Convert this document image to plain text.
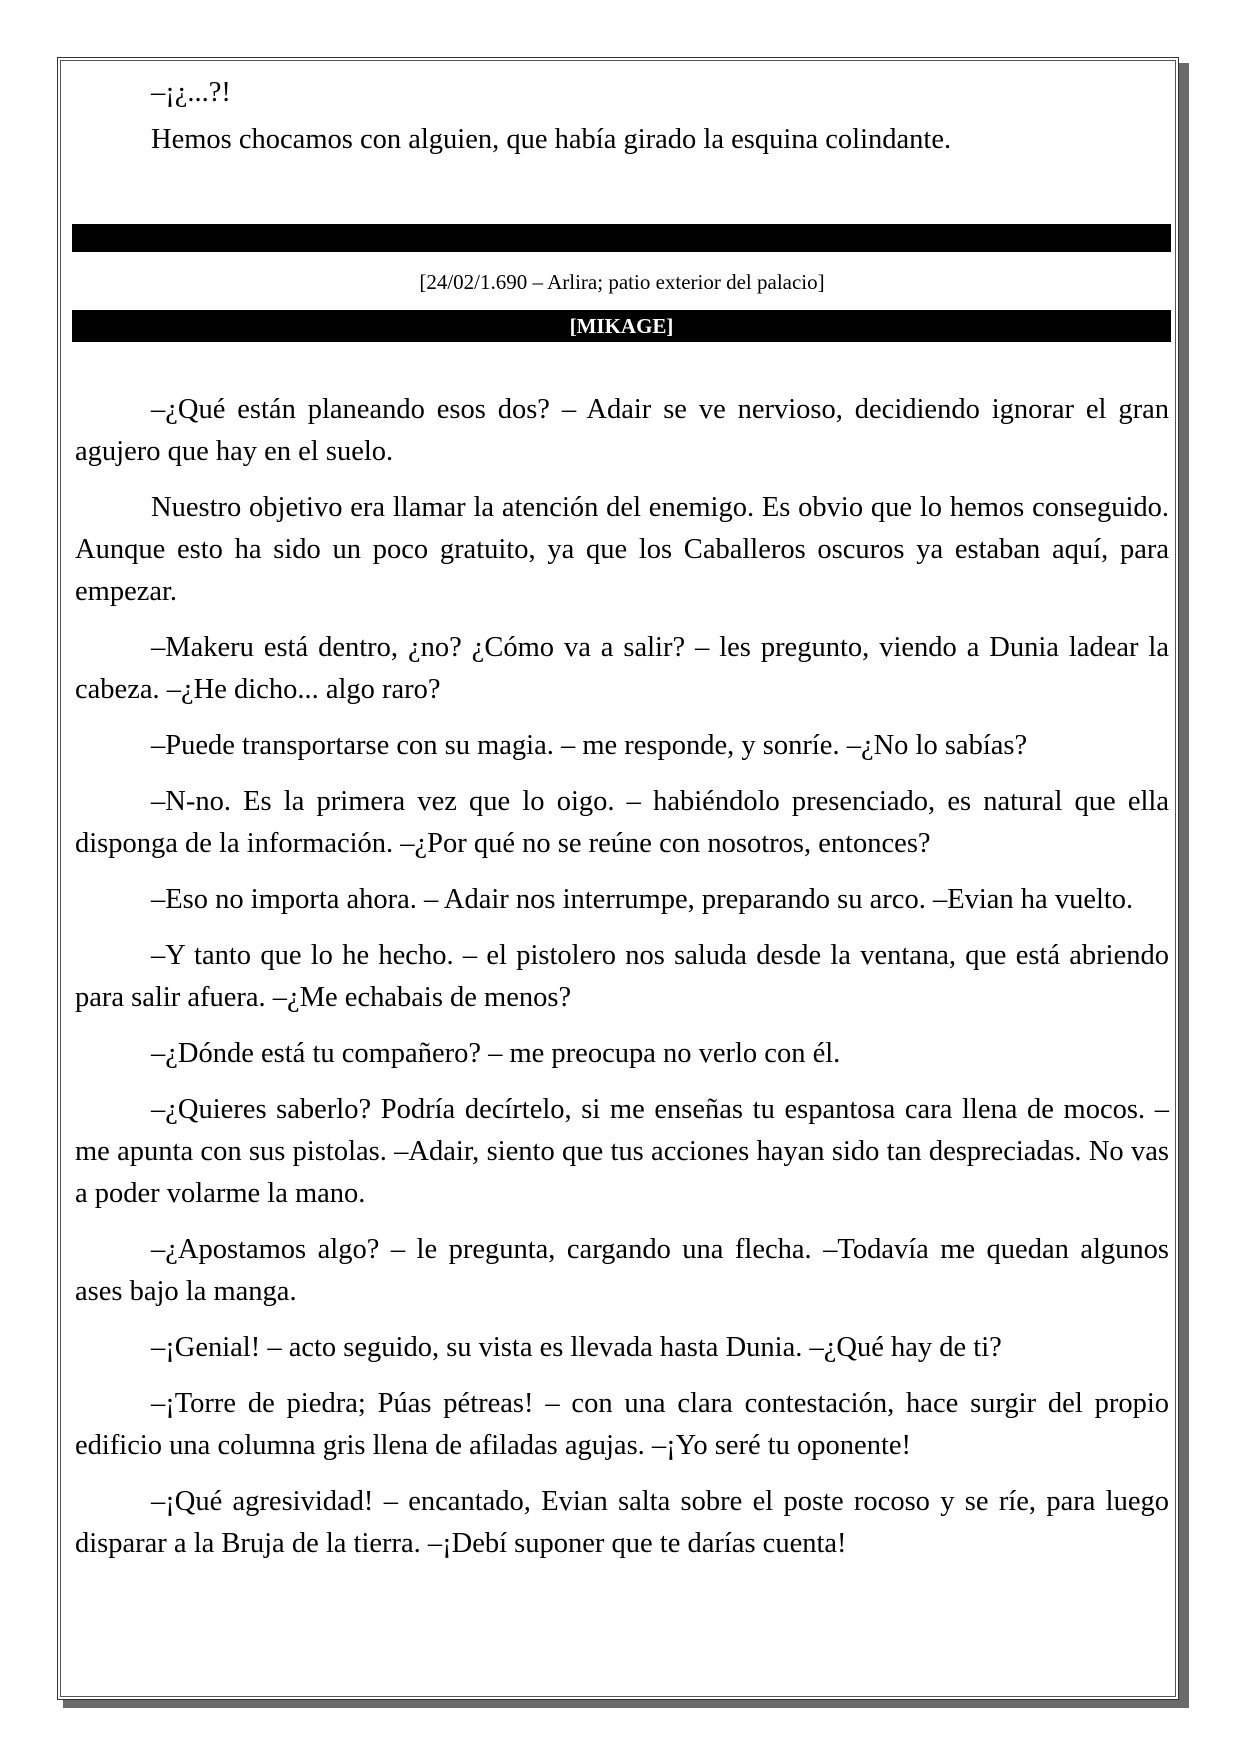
–¡¿...?!

Hemos chocamos con alguien, que había girado la esquina colindante.

[24/02/1.690 – Arlira; patio exterior del palacio]
[MIKAGE]

–¿Qué están planeando esos dos? – Adair se ve nervioso, decidiendo ignorar el gran agujero que hay en el suelo.

Nuestro objetivo era llamar la atención del enemigo. Es obvio que lo hemos conseguido. Aunque esto ha sido un poco gratuito, ya que los Caballeros oscuros ya estaban aquí, para empezar.

–Makeru está dentro, ¿no? ¿Cómo va a salir? – les pregunto, viendo a Dunia ladear la cabeza. –¿He dicho... algo raro?

–Puede transportarse con su magia. – me responde, y sonríe. –¿No lo sabías?

–N-no. Es la primera vez que lo oigo. – habiéndolo presenciado, es natural que ella disponga de la información. –¿Por qué no se reúne con nosotros, entonces?

–Eso no importa ahora. – Adair nos interrumpe, preparando su arco. –Evian ha vuelto.

–Y tanto que lo he hecho. – el pistolero nos saluda desde la ventana, que está abriendo para salir afuera. –¿Me echabais de menos?

–¿Dónde está tu compañero? – me preocupa no verlo con él.

–¿Quieres saberlo? Podría decírtelo, si me enseñas tu espantosa cara llena de mocos. – me apunta con sus pistolas. –Adair, siento que tus acciones hayan sido tan despreciadas. No vas a poder volarme la mano.

–¿Apostamos algo? – le pregunta, cargando una flecha. –Todavía me quedan algunos ases bajo la manga.

–¡Genial! – acto seguido, su vista es llevada hasta Dunia. –¿Qué hay de ti?

–¡Torre de piedra; Púas pétreas! – con una clara contestación, hace surgir del propio edificio una columna gris llena de afiladas agujas. –¡Yo seré tu oponente!

–¡Qué agresividad! – encantado, Evian salta sobre el poste rocoso y se ríe, para luego disparar a la Bruja de la tierra. –¡Debí suponer que te darías cuenta!
